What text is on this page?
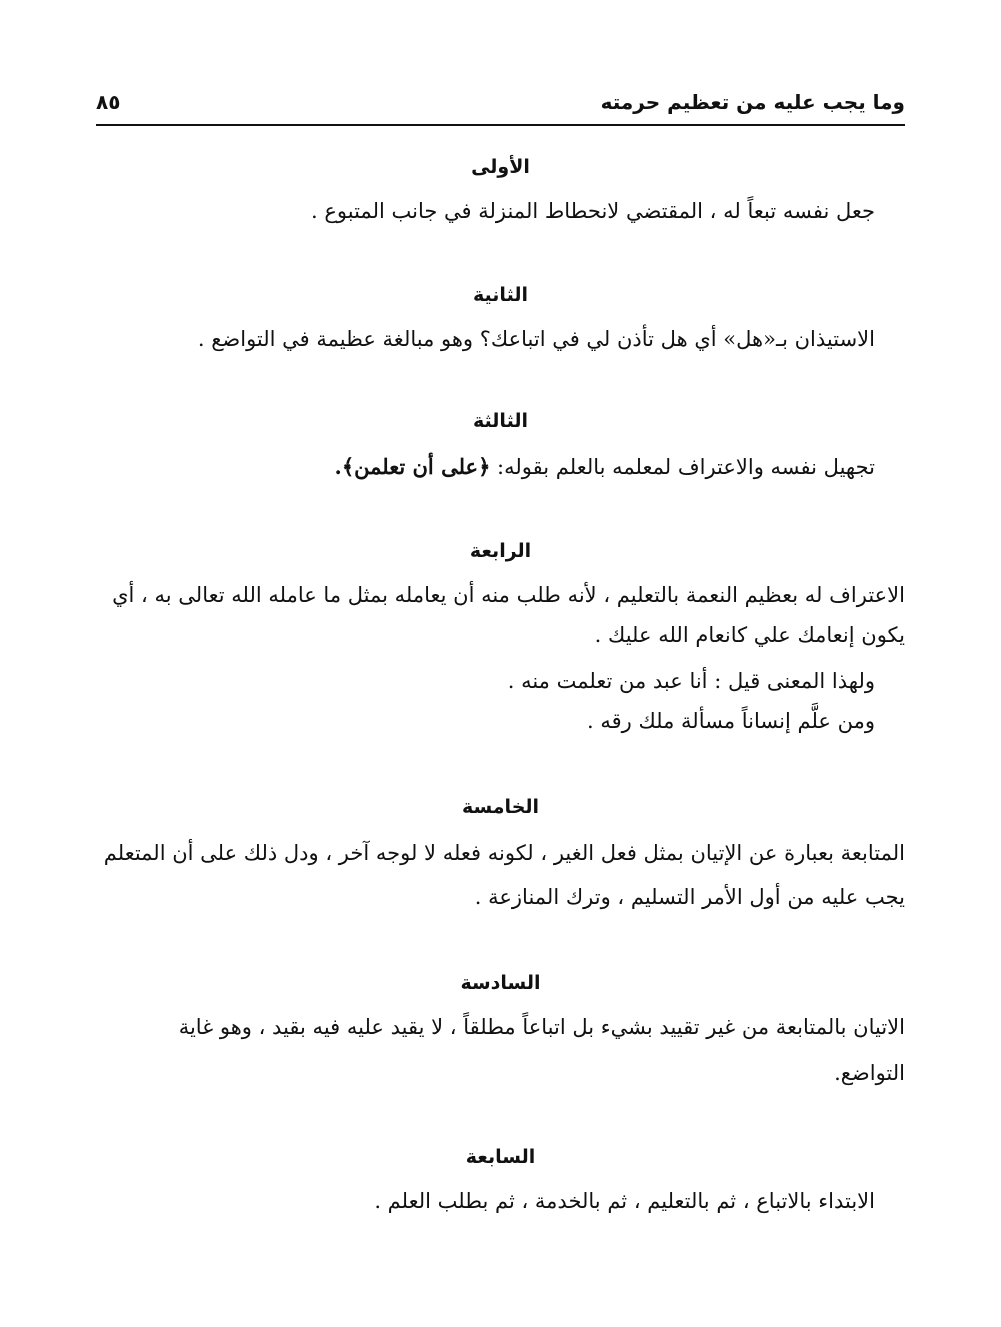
وما يجب عليه من تعظيم حرمته
٨٥
الأولى
جعل نفسه تبعاً له ، المقتضي لانحطاط المنزلة في جانب المتبوع .
الثانية
الاستيذان بـ«هل» أي هل تأذن لي في اتباعك؟ وهو مبالغة عظيمة في التواضع .
الثالثة
تجهيل نفسه والاعتراف لمعلمه بالعلم بقوله: ﴿على أن تعلمن﴾.
الرابعة
الاعتراف له بعظيم النعمة بالتعليم ، لأنه طلب منه أن يعامله بمثل ما عامله الله تعالى به ، أي
يكون إنعامك علي كانعام الله عليك .
ولهذا المعنى قيل : أنا عبد من تعلمت منه .
ومن علَّم إنساناً مسألة ملك رقه .
الخامسة
المتابعة بعبارة عن الإتيان بمثل فعل الغير ، لكونه فعله لا لوجه آخر ، ودل ذلك على أن المتعلم
يجب عليه من أول الأمر التسليم ، وترك المنازعة .
السادسة
الاتيان بالمتابعة من غير تقييد بشيء بل اتباعاً مطلقاً ، لا يقيد عليه فيه بقيد ، وهو غاية
التواضع.
السابعة
الابتداء بالاتباع ، ثم بالتعليم ، ثم بالخدمة ، ثم بطلب العلم .
